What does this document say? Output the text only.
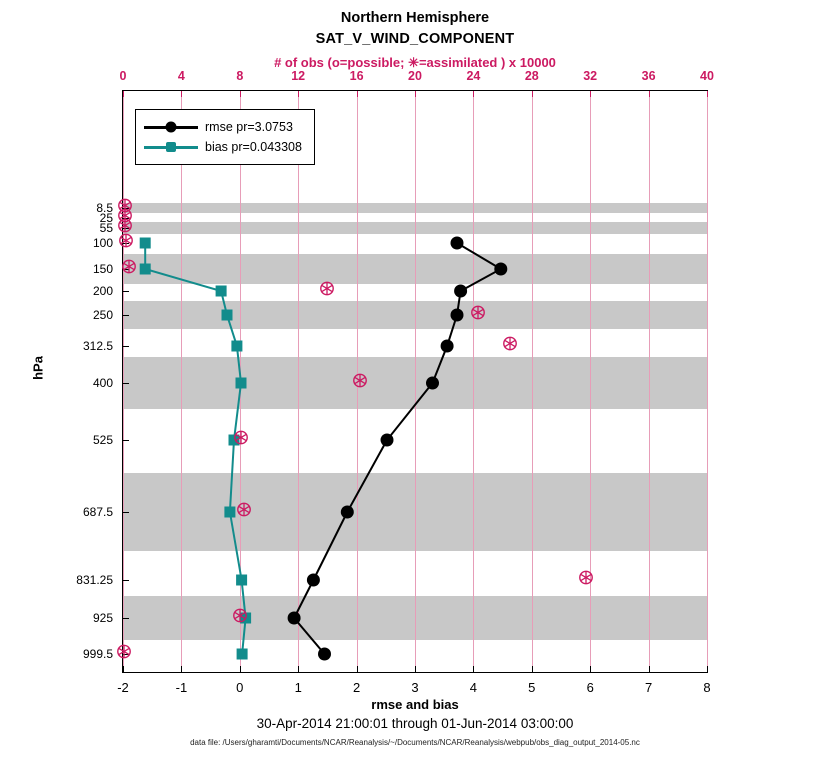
Northern Hemisphere
SAT_V_WIND_COMPONENT
# of obs (o=possible; ✳=assimilated ) x 10000
hPa
rmse and bias
30-Apr-2014 21:00:01 through 01-Jun-2014 03:00:00
data file: /Users/gharamti/Documents/NCAR/Reanalysis/~/Documents/NCAR/Reanalysis/webpub/obs_diag_output_2014-05.nc
0	4	8	12	16	20	24	28	32	36	40
-2	-1	0	1	2	3	4	5	6	7	8
8.5
25
55
100
150
200
250
312.5
400
525
687.5
831.25
925
999.5
rmse pr=3.0753
bias pr=0.043308
